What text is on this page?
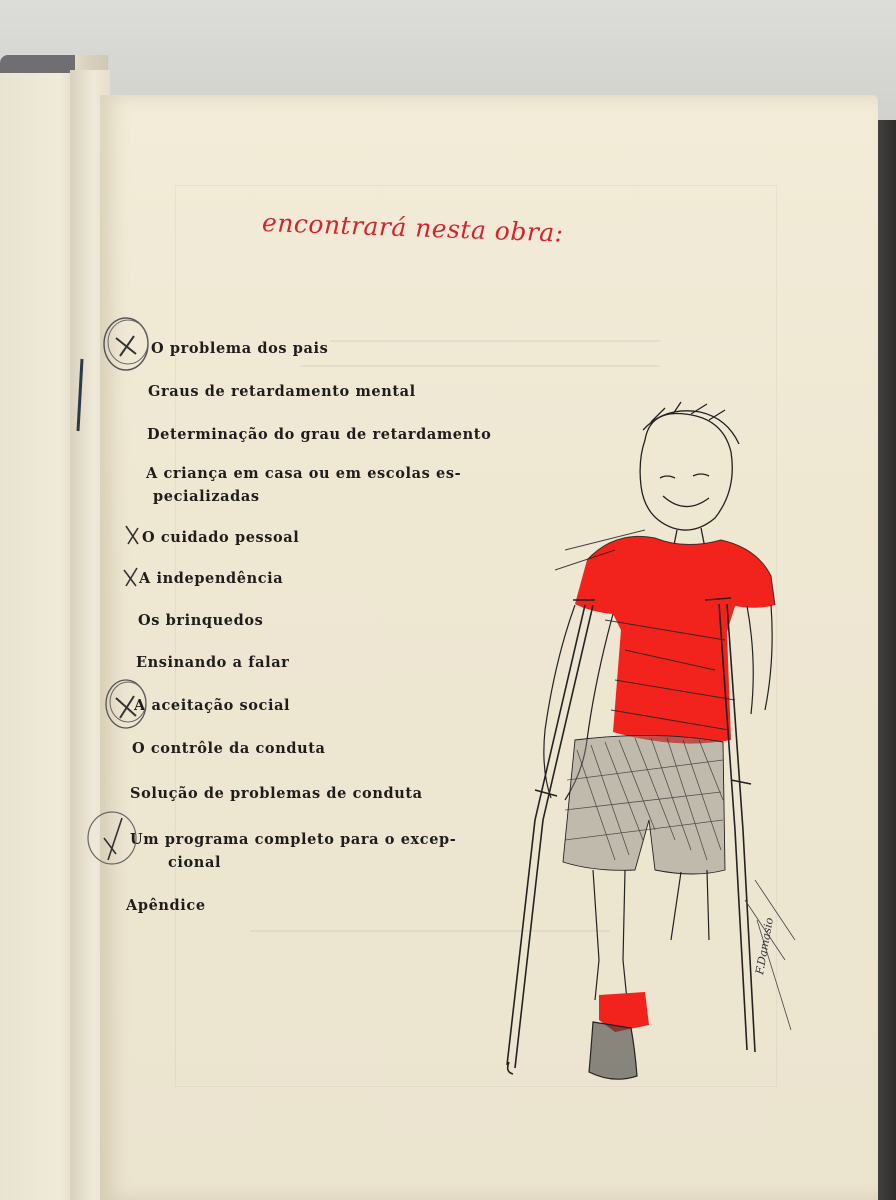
encontrará nesta obra:
O problema dos pais
Graus de retardamento mental
Determinação do grau de retardamento
A criança em casa ou em escolas es-
pecializadas
O cuidado pessoal
A independência
Os brinquedos
Ensinando a falar
A aceitação social
O contrôle da conduta
Solução de problemas de conduta
Um programa completo para o excep-
cional
Apêndice
F.Damasio
